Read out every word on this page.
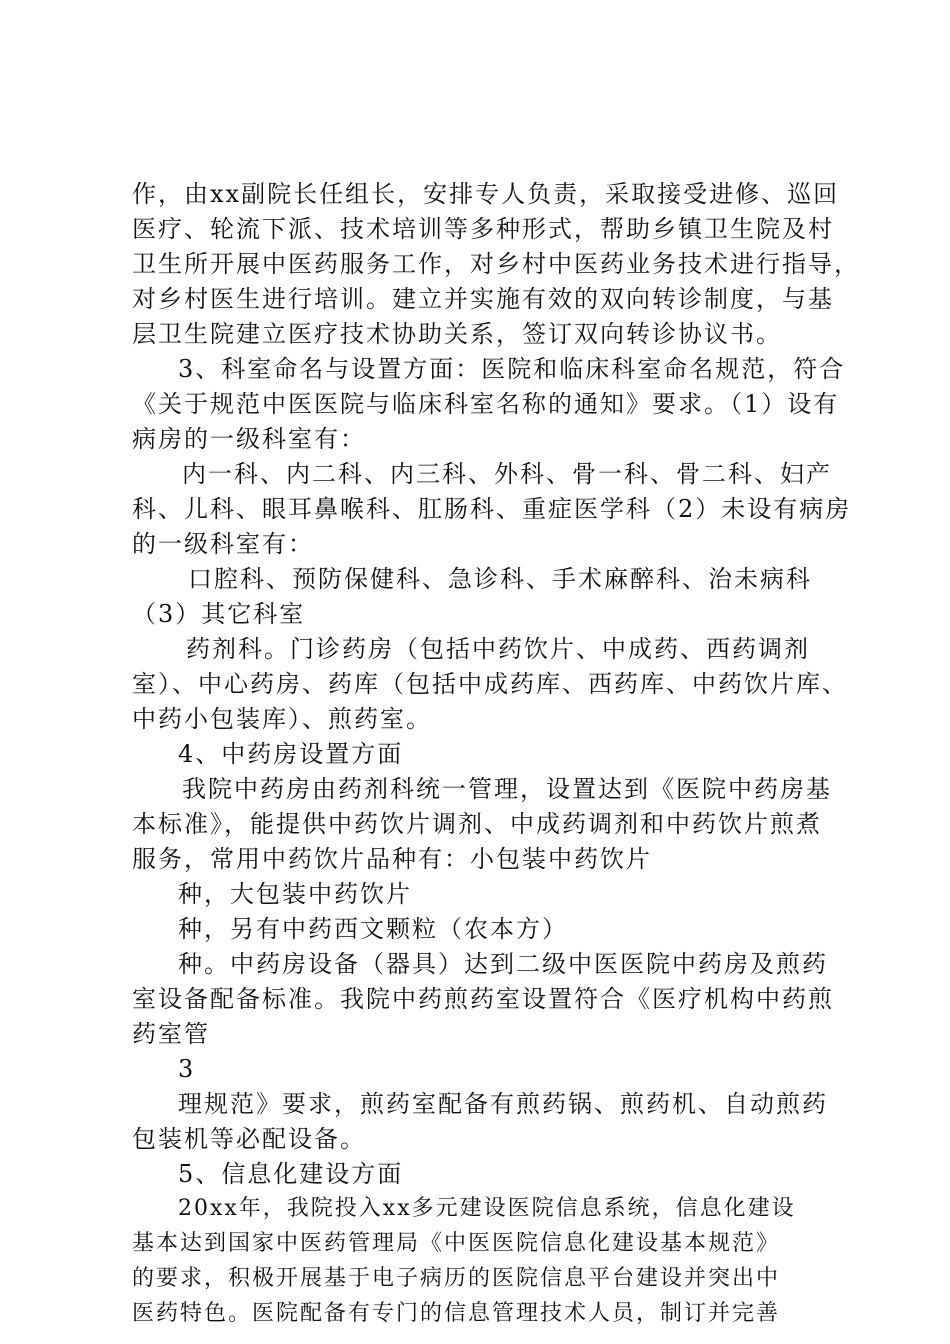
作，由xx副院长任组长，安排专人负责，采取接受进修、巡回

医疗、轮流下派、技术培训等多种形式，帮助乡镇卫生院及村

卫生所开展中医药服务工作，对乡村中医药业务技术进行指导，

对乡村医生进行培训。建立并实施有效的双向转诊制度，与基

层卫生院建立医疗技术协助关系，签订双向转诊协议书。

3、科室命名与设置方面：医院和临床科室命名规范，符合

《关于规范中医医院与临床科室名称的通知》要求。（1）设有

病房的一级科室有：

内一科、内二科、内三科、外科、骨一科、骨二科、妇产

科、儿科、眼耳鼻喉科、肛肠科、重症医学科（2）未设有病房

的一级科室有：

口腔科、预防保健科、急诊科、手术麻醉科、治未病科

（3）其它科室

药剂科。门诊药房（包括中药饮片、中成药、西药调剂

室）、中心药房、药库（包括中成药库、西药库、中药饮片库、

中药小包装库）、煎药室。

4、中药房设置方面

我院中药房由药剂科统一管理，设置达到《医院中药房基

本标准》，能提供中药饮片调剂、中成药调剂和中药饮片煎煮

服务，常用中药饮片品种有：小包装中药饮片

种，大包装中药饮片

种，另有中药西文颗粒（农本方）

种。中药房设备（器具）达到二级中医医院中药房及煎药

室设备配备标准。我院中药煎药室设置符合《医疗机构中药煎

药室管

3

理规范》要求，煎药室配备有煎药锅、煎药机、自动煎药

包装机等必配设备。

5、信息化建设方面

20xx年，我院投入xx多元建设医院信息系统，信息化建设

基本达到国家中医药管理局《中医医院信息化建设基本规范》

的要求，积极开展基于电子病历的医院信息平台建设并突出中

医药特色。医院配备有专门的信息管理技术人员，制订并完善
